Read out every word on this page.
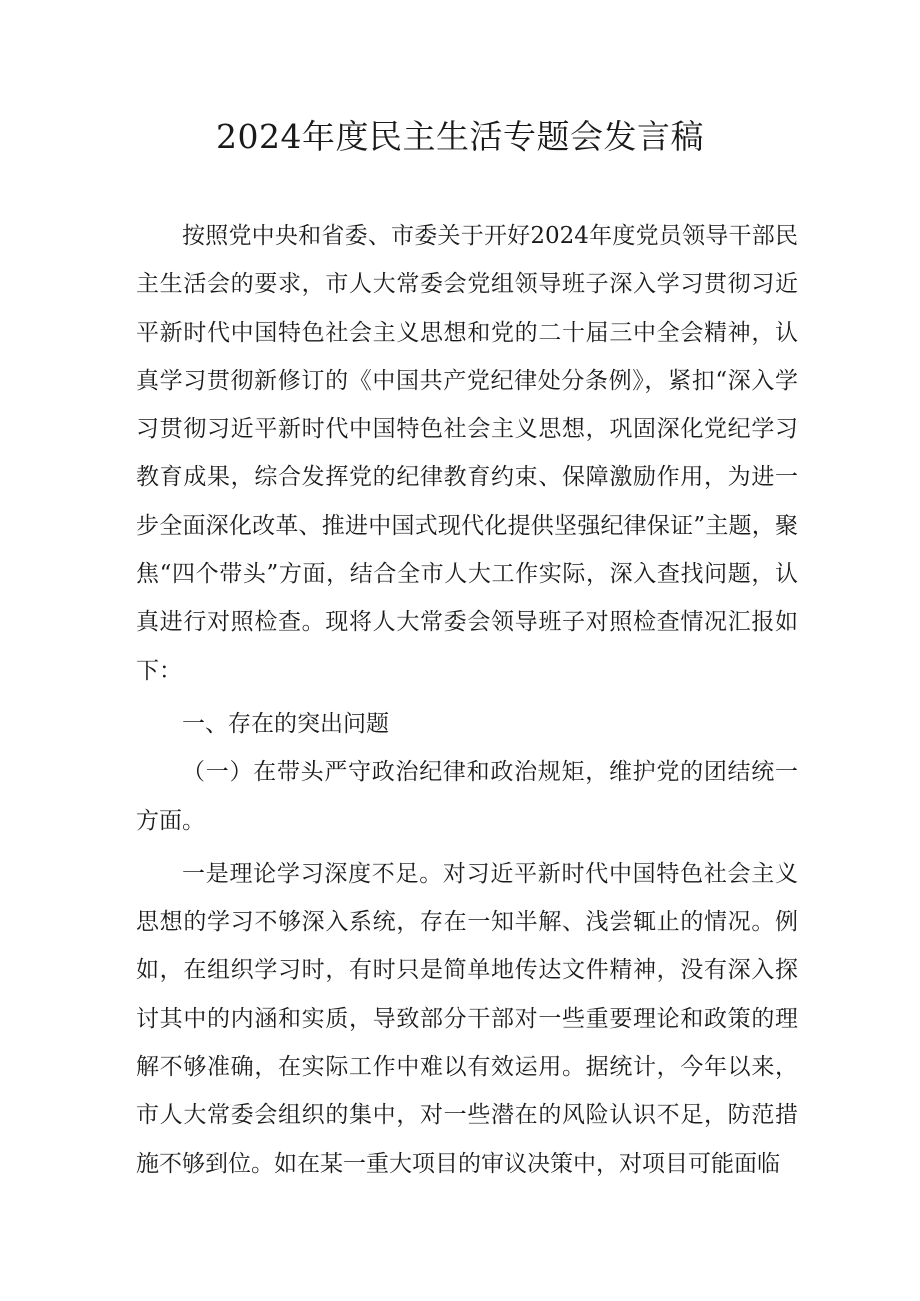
2024年度民主生活专题会发言稿

按照党中央和省委、市委关于开好2024年度党员领导干部民主生活会的要求，市人大常委会党组领导班子深入学习贯彻习近平新时代中国特色社会主义思想和党的二十届三中全会精神，认真学习贯彻新修订的《中国共产党纪律处分条例》，紧扣“深入学习贯彻习近平新时代中国特色社会主义思想，巩固深化党纪学习教育成果，综合发挥党的纪律教育约束、保障激励作用，为进一步全面深化改革、推进中国式现代化提供坚强纪律保证”主题，聚焦“四个带头”方面，结合全市人大工作实际，深入查找问题，认真进行对照检查。现将人大常委会领导班子对照检查情况汇报如下：

一、存在的突出问题

（一）在带头严守政治纪律和政治规矩，维护党的团结统一方面。

一是理论学习深度不足。对习近平新时代中国特色社会主义思想的学习不够深入系统，存在一知半解、浅尝辄止的情况。例如，在组织学习时，有时只是简单地传达文件精神，没有深入探讨其中的内涵和实质，导致部分干部对一些重要理论和政策的理解不够准确，在实际工作中难以有效运用。据统计，今年以来，市人大常委会组织的集中，对一些潜在的风险认识不足，防范措施不够到位。如在某一重大项目的审议决策中，对项目可能面临
